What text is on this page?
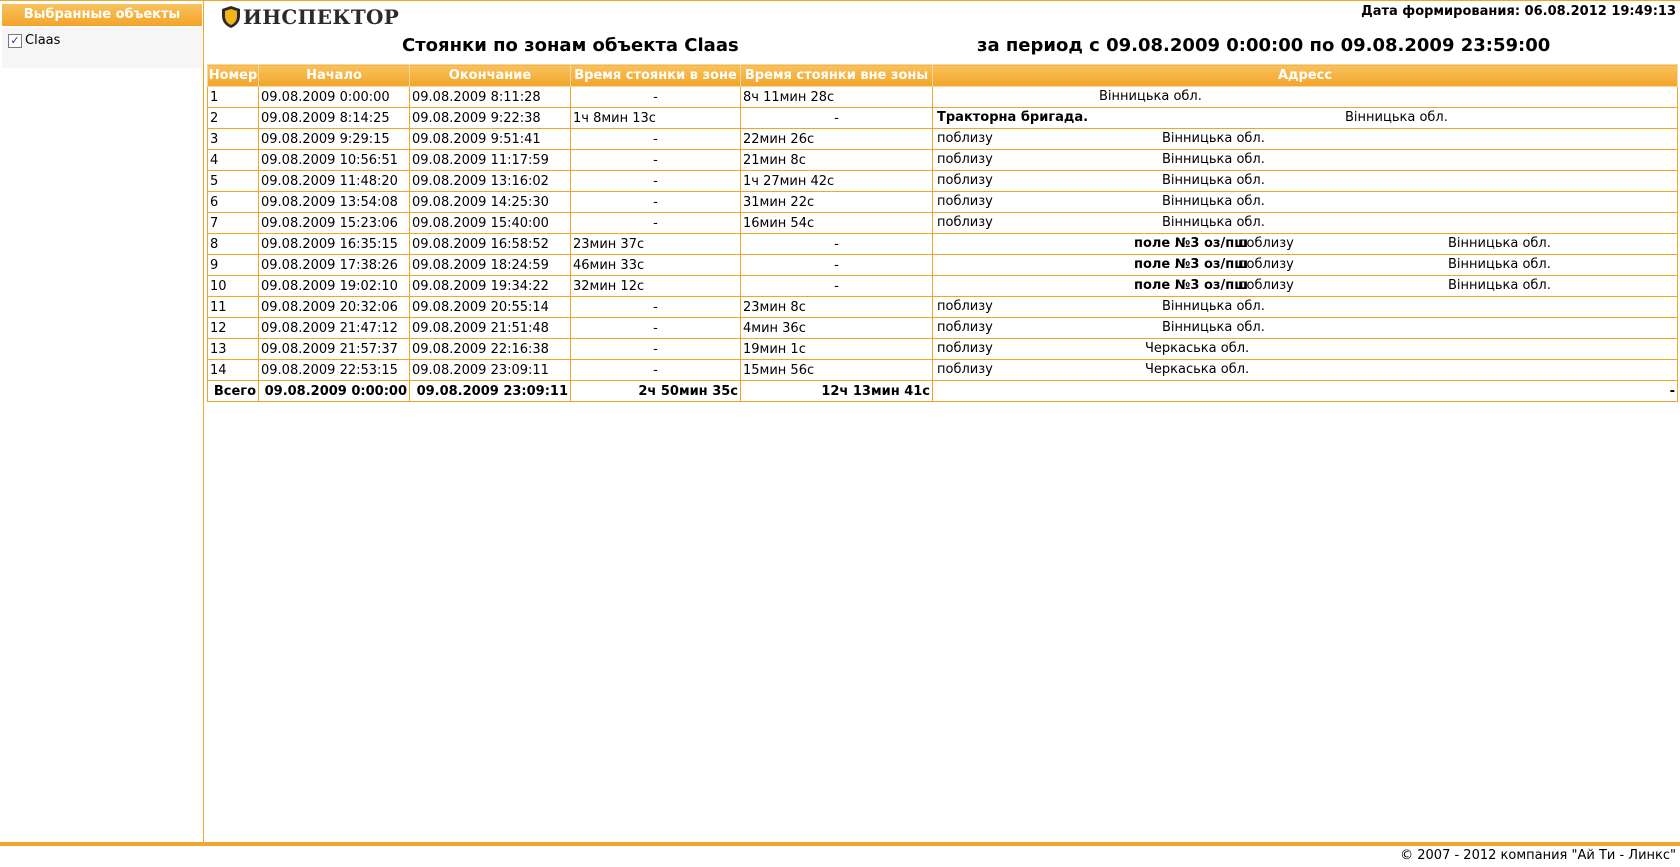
Выбранные объекты
✓ Claas
ИНСПЕКТОР	Дата формирования: 06.08.2012 19:49:13
Стоянки по зонам объекта Claas	за период с 09.08.2009 0:00:00 по 09.08.2009 23:59:00
Номер	Начало	Окончание	Время стоянки в зоне	Время стоянки вне зоны	Адресс
1	09.08.2009 0:00:00	09.08.2009 8:11:28	-	8ч 11мин 28с	Вінницька обл.

2	09.08.2009 8:14:25	09.08.2009 9:22:38	1ч 8мин 13с	-	Тракторна бригада. Вінницька обл.

3	09.08.2009 9:29:15	09.08.2009 9:51:41	-	22мин 26с	поблизу Вінницька обл.

4	09.08.2009 10:56:51	09.08.2009 11:17:59	-	21мин 8с	поблизу Вінницька обл.

5	09.08.2009 11:48:20	09.08.2009 13:16:02	-	1ч 27мин 42с	поблизу Вінницька обл.

6	09.08.2009 13:54:08	09.08.2009 14:25:30	-	31мин 22с	поблизу Вінницька обл.

7	09.08.2009 15:23:06	09.08.2009 15:40:00	-	16мин 54с	поблизу Вінницька обл.

8	09.08.2009 16:35:15	09.08.2009 16:58:52	23мин 37с	-	поле №3 оз/пш
поблизу Вінницька обл.

9	09.08.2009 17:38:26	09.08.2009 18:24:59	46мин 33с	-	поле №3 оз/пш
поблизу Вінницька обл.

10	09.08.2009 19:02:10	09.08.2009 19:34:22	32мин 12с	-	поле №3 оз/пш
поблизу Вінницька обл.

11	09.08.2009 20:32:06	09.08.2009 20:55:14	-	23мин 8с	поблизу Вінницька обл.

12	09.08.2009 21:47:12	09.08.2009 21:51:48	-	4мин 36с	поблизу Вінницька обл.

13	09.08.2009 21:57:37	09.08.2009 22:16:38	-	19мин 1с	поблизу Черкаська обл.

14	09.08.2009 22:53:15	09.08.2009 23:09:11	-	15мин 56с	поблизу Черкаська обл.

Всего	09.08.2009 0:00:00	09.08.2009 23:09:11	2ч 50мин 35с	12ч 13мин 41с	-
© 2007 - 2012 компания "Ай Ти - Линкс"
